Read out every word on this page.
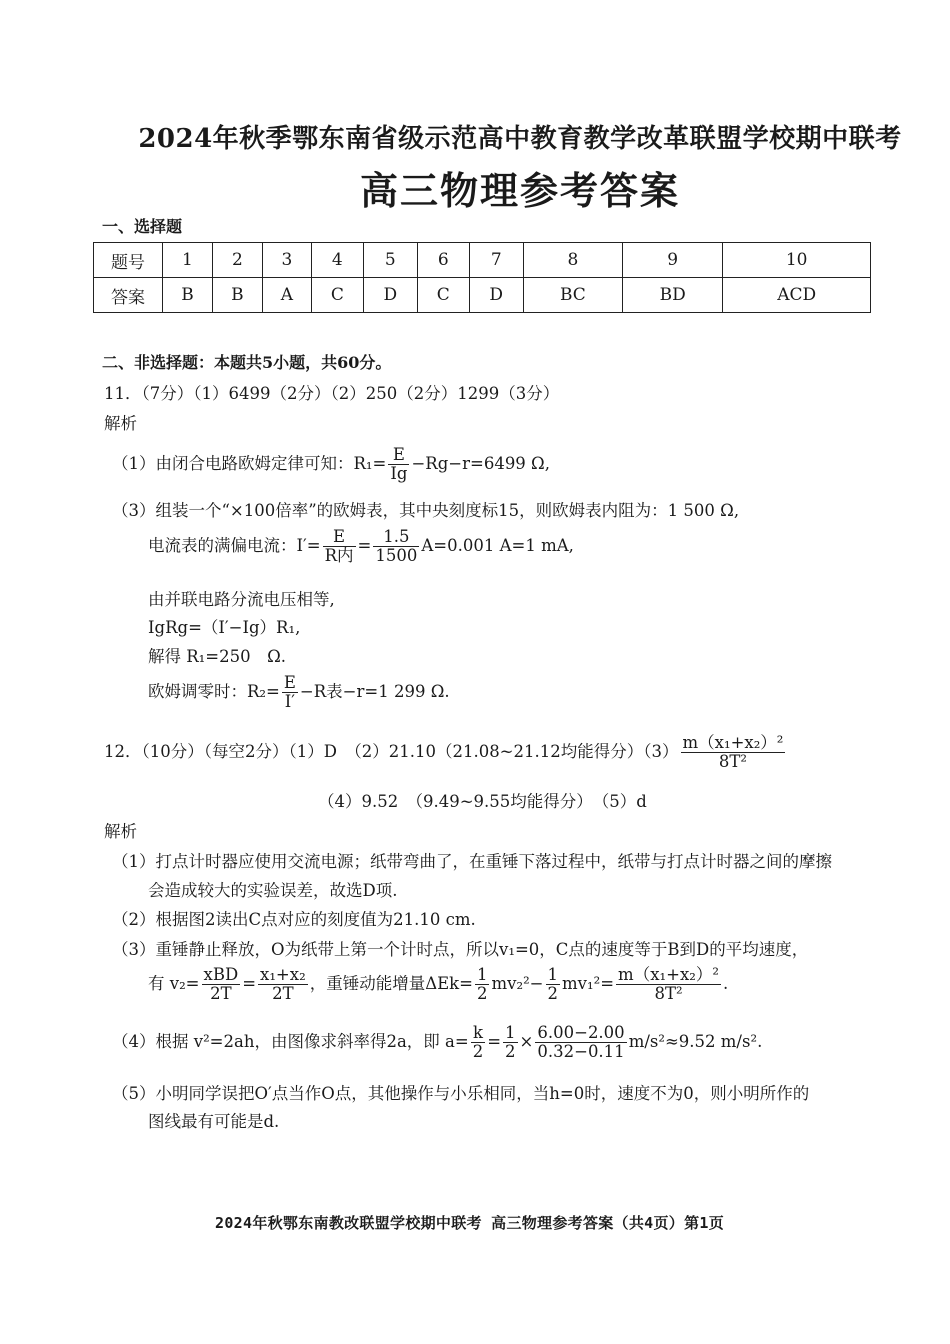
2024年秋季鄂东南省级示范高中教育教学改革联盟学校期中联考
高三物理参考答案
一、选择题
题号	1	2	3	4	5	6	7	8	9	10
答案	B	B	A	C	D	C	D	BC	BD	ACD
二、非选择题：本题共5小题，共60分。
11．（7分）（1）6499（2分）（2）250（2分）1299（3分）
解析
（1）由闭合电路欧姆定律可知：$R_1= \frac{E}{Ig} -Rg-r=6499$ Ω,
（3）组装一个“×100倍率”的欧姆表，其中央刻度标15，则欧姆表内阻为：1 500 Ω,
电流表的满偏电流：$I'= \frac{E}{\text{R内}} = \frac{1.5}{1500} A=0.001$ A=1 mA,
由并联电路分流电压相等,
IgRg=（I′−Ig）R₁,
解得 R₁=250　Ω.
欧姆调零时：$R_2= \frac{E}{I'} -R$表−r=1 299 Ω.
12．（10分）（每空2分）（1）D　（2）21.10（21.08~21.12均能得分）$(3) \frac{\text{m（x₁+x₂）²}}{\text{8T²}}$
（4）9.52　（9.49~9.55均能得分）　（5）d
解析
（1）打点计时器应使用交流电源；纸带弯曲了，在重锤下落过程中，纸带与打点计时器之间的摩擦
会造成较大的实验误差，故选D项.
（2）根据图2读出C点对应的刻度值为21.10 cm.
（3）重锤静止释放，O为纸带上第一个计时点，所以v₁=0，C点的速度等于B到D的平均速度，
有 $v_2= \frac{\text{xBD}}{2T} = \frac{\text{x₁+x₂}}{2T}$ ，重锤动能增量$\Delta Ek= \frac{1}{2} mv_2^2- \frac{1}{2} mv_1^2= \frac{\text{m（x₁+x₂）²}}{\text{8T²}}$ .
（4）根据 v²=2ah，由图像求斜率得2a，即 $a= \frac{k}{2} = \frac{1}{2} \times \frac{6.00-2.00}{0.32-0.11} m/s^2\approx 9.52$ m/s².
（5）小明同学误把O′点当作O点，其他操作与小乐相同，当h=0时，速度不为0，则小明所作的
图线最有可能是d.
2024年秋鄂东南教改联盟学校期中联考 高三物理参考答案（共4页）第1页
